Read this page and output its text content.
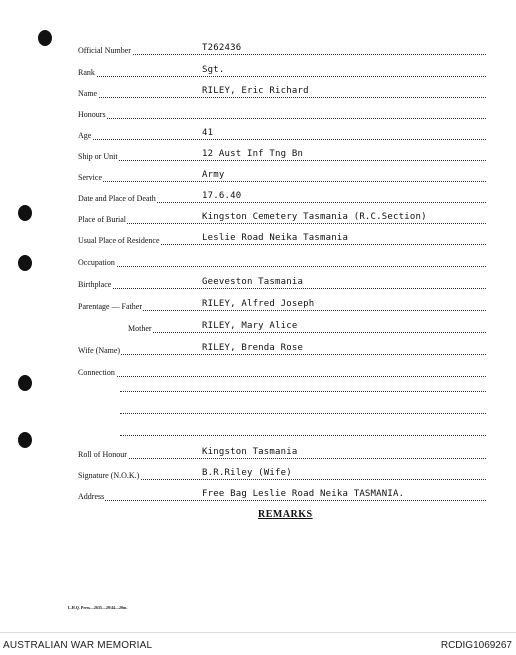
Official Number	T262436
Rank	Sgt.
Name	RILEY, Eric Richard
Honours
Age	41
Ship or Unit	12 Aust Inf Tng Bn
Service	Army
Date and Place of Death	17.6.40
Place of Burial	Kingston Cemetery Tasmania (R.C.Section)
Usual Place of Residence	Leslie Road Neika Tasmania
Occupation
Birthplace	Geeveston Tasmania
Parentage — Father	RILEY, Alfred Joseph
Mother	RILEY, Mary Alice
Wife (Name)	RILEY, Brenda Rose
Connection
Roll of Honour	Kingston Tasmania
Signature (N.O.K.)	B.R.Riley (Wife)
Address	Free Bag Leslie Road Neika TASMANIA.
REMARKS
L.H.Q. Press—2635—20/44—20m.
AUSTRALIAN WAR MEMORIAL	RCDIG1069267
